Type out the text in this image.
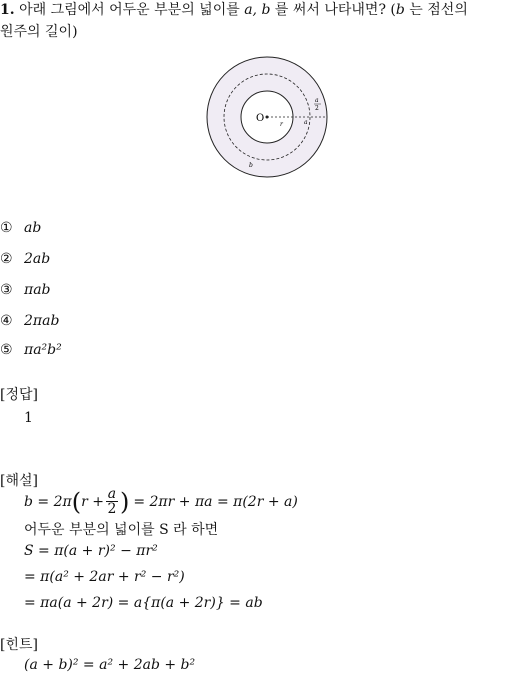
1. 아래 그림에서 어두운 부분의 넓이를 a, b 를 써서 나타내면? (b 는 점선의
원주의 길이)
O
r	a
a
2
b
① ab
② 2ab
③ πab
④ 2πab
⑤ πa²b²
[정답]
1
[해설]
b = 2π ( $r + \frac{a}{2}$ ) = 2πr + πa = π(2r + a)
어두운 부분의 넓이를 S 라 하면
S = π(a + r)² − πr²
= π(a² + 2ar + r² − r²)
= πa(a + 2r) = a{π(a + 2r)} = ab
[힌트]
(a + b)² = a² + 2ab + b²
